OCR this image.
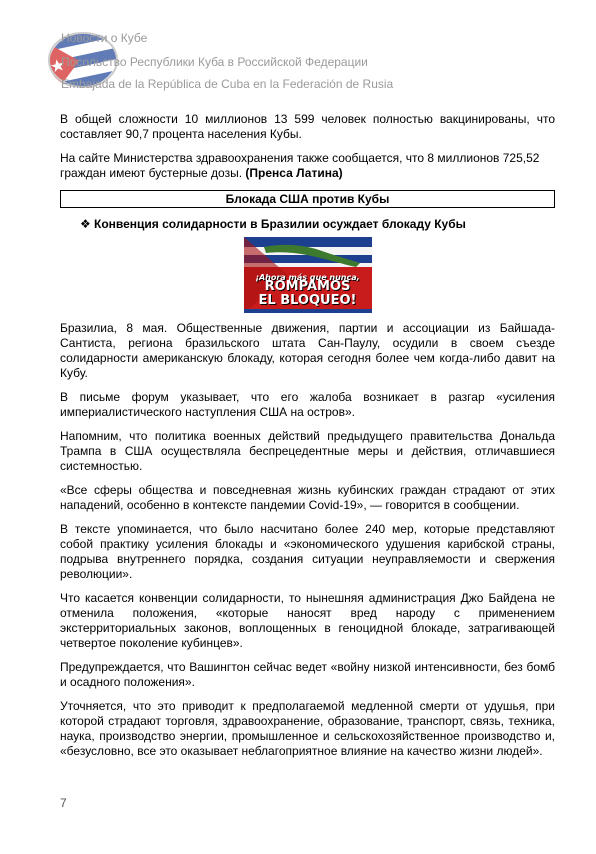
Новости о Кубе
Посольство Республики Куба в Российской Федерации
Embajada de la República de Cuba en la Federación de Rusia

В общей сложности 10 миллионов 13 599 человек полностью вакцинированы, что составляет 90,7 процента населения Кубы.

На сайте Министерства здравоохранения также сообщается, что 8 миллионов 725,52 граждан имеют бустерные дозы. (Пренса Латина)

Блокада США против Кубы
❖ Конвенция солидарности в Бразилии осуждает блокаду Кубы
¡Ahora más que nunca,
ROMPAMOS
EL BLOQUEO!

Бразилиа, 8 мая. Общественные движения, партии и ассоциации из Байшада-Сантиста, региона бразильского штата Сан-Паулу, осудили в своем съезде солидарности американскую блокаду, которая сегодня более чем когда-либо давит на Кубу.

В письме форум указывает, что его жалоба возникает в разгар «усиления империалистического наступления США на остров».

Напомним, что политика военных действий предыдущего правительства Дональда Трампа в США осуществляла беспрецедентные меры и действия, отличавшиеся системностью.

«Все сферы общества и повседневная жизнь кубинских граждан страдают от этих нападений, особенно в контексте пандемии Covid-19», — говорится в сообщении.

В тексте упоминается, что было насчитано более 240 мер, которые представляют собой практику усиления блокады и «экономического удушения карибской страны, подрыва внутреннего порядка, создания ситуации неуправляемости и свержения революции».

Что касается конвенции солидарности, то нынешняя администрация Джо Байдена не отменила положения, «которые наносят вред народу с применением экстерриториальных законов, воплощенных в геноцидной блокаде, затрагивающей четвертое поколение кубинцев».

Предупреждается, что Вашингтон сейчас ведет «войну низкой интенсивности, без бомб и осадного положения».

Уточняется, что это приводит к предполагаемой медленной смерти от удушья, при которой страдают торговля, здравоохранение, образование, транспорт, связь, техника, наука, производство энергии, промышленное и сельскохозяйственное производство и, «безусловно, все это оказывает неблагоприятное влияние на качество жизни людей».

7
